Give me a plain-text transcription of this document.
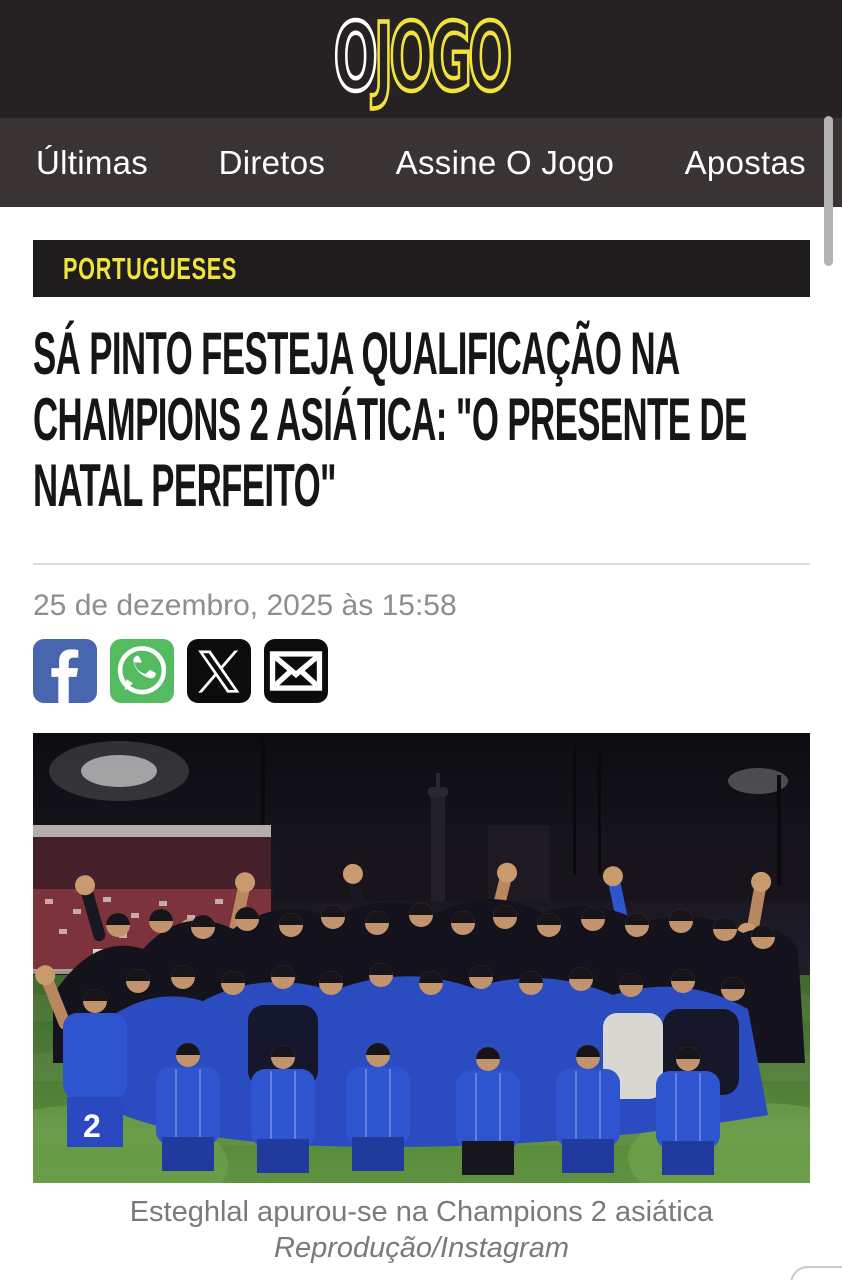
OJOGO
Últimas Diretos Assine O Jogo Apostas
PORTUGUESES
SÁ PINTO FESTEJA QUALIFICAÇÃO NA
CHAMPIONS 2 ASIÁTICA: "O PRESENTE DE
NATAL PERFEITO"
25 de dezembro, 2025 às 15:58
2
Esteghlal apurou-se na Champions 2 asiática
Reprodução/Instagram
